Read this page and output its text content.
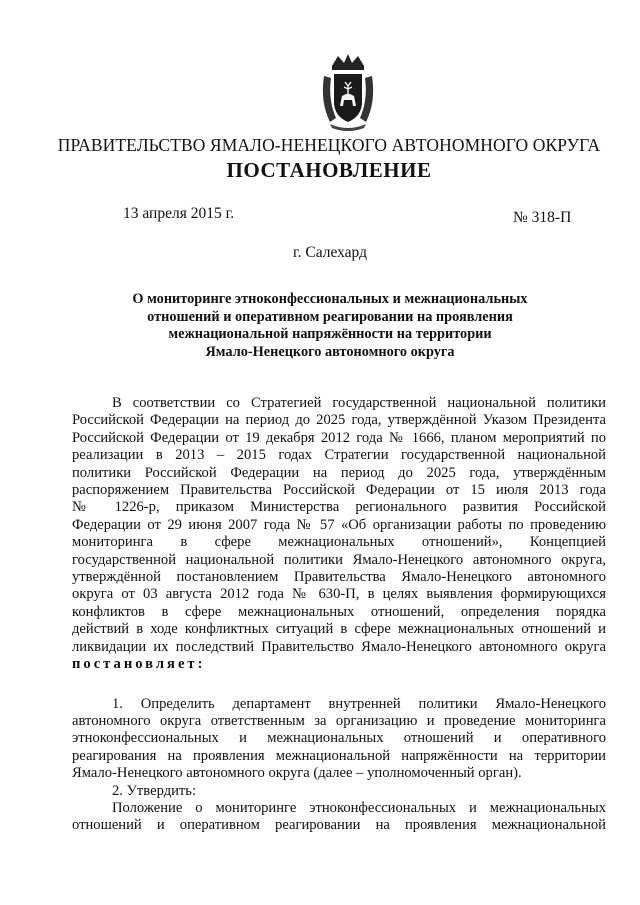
ПРАВИТЕЛЬСТВО ЯМАЛО-НЕНЕЦКОГО АВТОНОМНОГО ОКРУГА
ПОСТАНОВЛЕНИЕ
13 апреля 2015 г.	№ 318-П
г. Салехард
О мониторинге этноконфессиональных и межнациональных
отношений и оперативном реагировании на проявления
межнациональной напряжённости на территории
Ямало-Ненецкого автономного округа

В соответствии со Стратегией государственной национальной политики

Российской Федерации на период до 2025 года, утверждённой Указом Президента

Российской Федерации от 19 декабря 2012 года № 1666, планом мероприятий по

реализации в 2013 – 2015 годах Стратегии государственной национальной

политики Российской Федерации на период до 2025 года, утверждённым

распоряжением Правительства Российской Федерации от 15 июля 2013 года

№ 1226-р, приказом Министерства регионального развития Российской

Федерации от 29 июня 2007 года № 57 «Об организации работы по проведению

мониторинга в сфере межнациональных отношений», Концепцией

государственной национальной политики Ямало-Ненецкого автономного округа,

утверждённой постановлением Правительства Ямало-Ненецкого автономного

округа от 03 августа 2012 года № 630-П, в целях выявления формирующихся

конфликтов в сфере межнациональных отношений, определения порядка

действий в ходе конфликтных ситуаций в сфере межнациональных отношений и

ликвидации их последствий Правительство Ямало-Ненецкого автономного округа

постановляет:

1. Определить департамент внутренней политики Ямало-Ненецкого

автономного округа ответственным за организацию и проведение мониторинга

этноконфессиональных и межнациональных отношений и оперативного

реагирования на проявления межнациональной напряжённости на территории

Ямало-Ненецкого автономного округа (далее – уполномоченный орган).

2. Утвердить:

Положение о мониторинге этноконфессиональных и межнациональных

отношений и оперативном реагировании на проявления межнациональной
